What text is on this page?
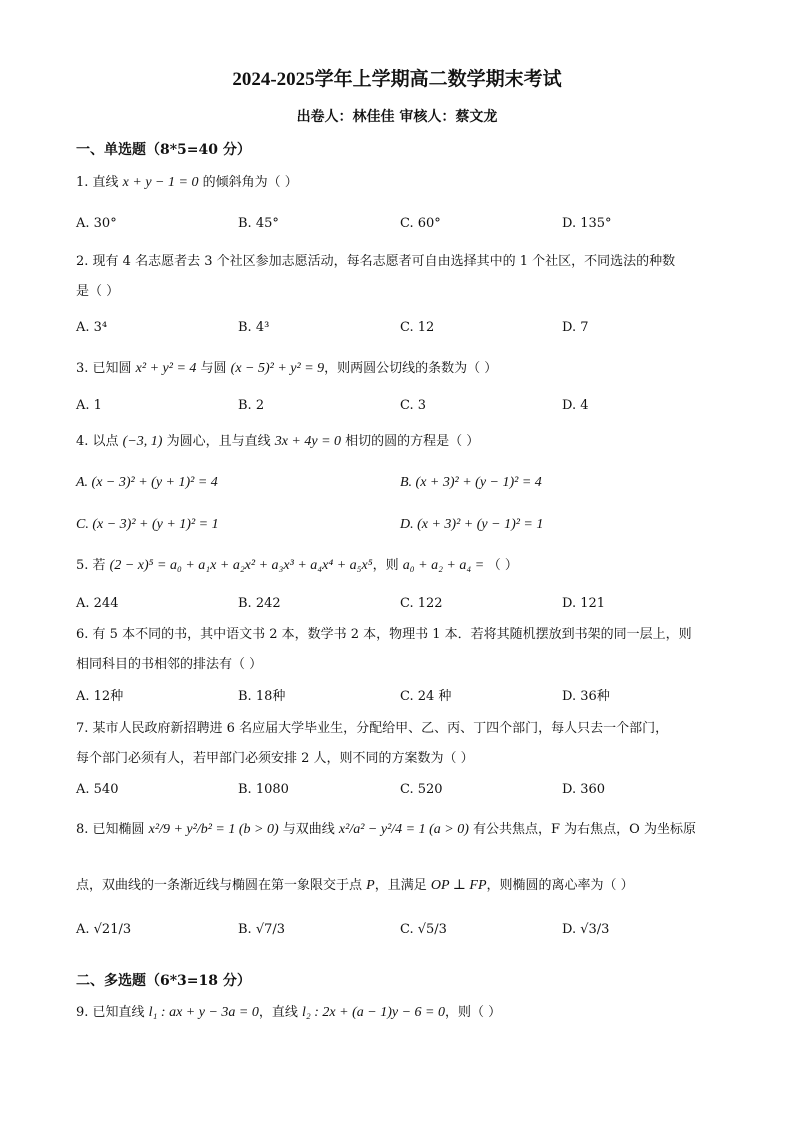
2024-2025学年上学期高二数学期末考试
出卷人：林佳佳 审核人：蔡文龙
一、单选题（8*5=40 分）
1. 直线 x + y − 1 = 0 的倾斜角为（ ）
A. 30°	B. 45°	C. 60°	D. 135°
2. 现有 4 名志愿者去 3 个社区参加志愿活动，每名志愿者可自由选择其中的 1 个社区，不同选法的种数
是（ ）
A. 3⁴	B. 4³	C. 12	D. 7
3. 已知圆 x² + y² = 4 与圆 (x − 5)² + y² = 9，则两圆公切线的条数为（ ）
A. 1	B. 2	C. 3	D. 4
4. 以点 (−3, 1) 为圆心，且与直线 3x + 4y = 0 相切的圆的方程是（ ）
A. (x − 3)² + (y + 1)² = 4	B. (x + 3)² + (y − 1)² = 4
C. (x − 3)² + (y + 1)² = 1	D. (x + 3)² + (y − 1)² = 1
5. 若 (2 − x)⁵ = a₀ + a₁x + a₂x² + a₃x³ + a₄x⁴ + a₅x⁵，则 a₀ + a₂ + a₄ = （ ）
A. 244	B. 242	C. 122	D. 121
6. 有 5 本不同的书，其中语文书 2 本，数学书 2 本，物理书 1 本．若将其随机摆放到书架的同一层上，则
相同科目的书相邻的排法有（ ）
A. 12种	B. 18种	C. 24 种	D. 36种
7. 某市人民政府新招聘进 6 名应届大学毕业生，分配给甲、乙、丙、丁四个部门，每人只去一个部门，
每个部门必须有人，若甲部门必须安排 2 人，则不同的方案数为（ ）
A. 540	B. 1080	C. 520	D. 360
8. 已知椭圆 x²/9 + y²/b² = 1 (b > 0) 与双曲线 x²/a² − y²/4 = 1 (a > 0) 有公共焦点，F 为右焦点，O 为坐标原
点，双曲线的一条渐近线与椭圆在第一象限交于点 P，且满足 OP ⊥ FP，则椭圆的离心率为（ ）
A. √21/3	B. √7/3	C. √5/3	D. √3/3
二、多选题（6*3=18 分）
9. 已知直线 l₁ : ax + y − 3a = 0，直线 l₂ : 2x + (a − 1)y − 6 = 0，则（ ）
